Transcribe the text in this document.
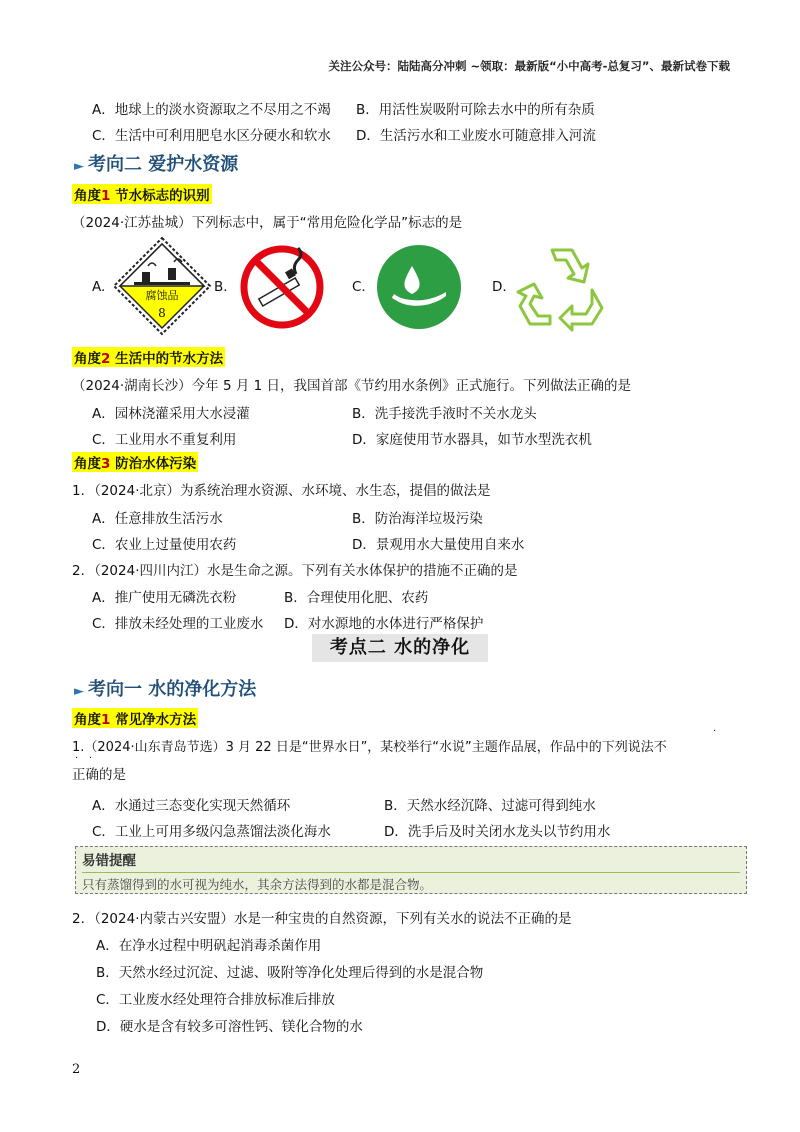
关注公众号：陆陆高分冲刺 ~领取：最新版“小中高考-总复习”、最新试卷下载
A．地球上的淡水资源取之不尽用之不竭 B．用活性炭吸附可除去水中的所有杂质
C．生活中可利用肥皂水区分硬水和软水 D．生活污水和工业废水可随意排入河流
► 考向二 爱护水资源
角度1 节水标志的识别
（2024·江苏盐城）下列标志中，属于“常用危险化学品”标志的是
A.	B.	C.	D.
腐蚀品
8
角度2 生活中的节水方法
（2024·湖南长沙）今年 5 月 1 日，我国首部《节约用水条例》正式施行。下列做法正确的是
A．园林浇灌采用大水浸灌	B．洗手接洗手液时不关水龙头
C．工业用水不重复利用	D．家庭使用节水器具，如节水型洗衣机
角度3 防治水体污染
1．（2024·北京）为系统治理水资源、水环境、水生态，提倡的做法是
A．任意排放生活污水	B．防治海洋垃圾污染
C．农业上过量使用农药	D．景观用水大量使用自来水
2．（2024·四川内江）水是生命之源。下列有关水体保护的措施不正确的是
A．推广使用无磷洗衣粉	B．合理使用化肥、农药
C．排放未经处理的工业废水 D．对水源地的水体进行严格保护
考点二 水的净化
► 考向一 水的净化方法
角度1 常见净水方法
1.（2024·山东青岛节选）3 月 22 日是“世界水日”，某校举行“水说”主题作品展，作品中的下列说法不
正确的是
·
· ·
A．水通过三态变化实现天然循环	B．天然水经沉降、过滤可得到纯水
C．工业上可用多级闪急蒸馏法淡化海水	D．洗手后及时关闭水龙头以节约用水
易错提醒
只有蒸馏得到的水可视为纯水，其余方法得到的水都是混合物。
2．（2024·内蒙古兴安盟）水是一种宝贵的自然资源，下列有关水的说法不正确的是
A．在净水过程中明矾起消毒杀菌作用
B．天然水经过沉淀、过滤、吸附等净化处理后得到的水是混合物
C．工业废水经处理符合排放标准后排放
D．硬水是含有较多可溶性钙、镁化合物的水
2
